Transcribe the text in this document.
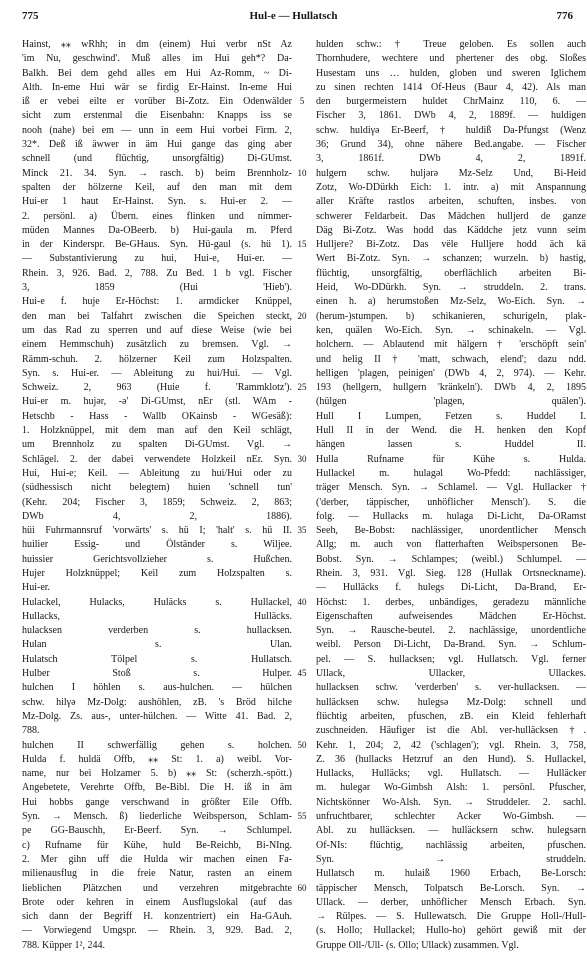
775	Hul-e — Hullatsch	776
Hainst, ⁎⁎ wRhh; in dm (einem) Hui verbr nSt Az
'im Nu, geschwind'. Muß alles im Hui geh*? Da-
Balkh. Bei dem gehd alles em Hui Az-Romm, ~ Di-
Alth. In-eme Hui wär se firdig Er-Hainst. In-eme Hui
iß er vebei eilte er vorüber Bi-Zotz. Ein Odenwälder
sicht zum erstenmal die Eisenbahn: Knapps iss se
nooh (nahe) bei em — unn in eem Hui vorbei Firm. 2,
32*. Deß iß äwwer in äm Hui gange das ging aber
schnell (und flüchtig, unsorgfältig) Di-GUmst.
Minck 21. 34. Syn. → rasch. b) beim Brennholz-
spalten der hölzerne Keil, auf den man mit dem
Hui-er 1 haut Er-Hainst. Syn. s. Hui-er 2. —
2. persönl. a) Übern. eines flinken und nimmer-
müden Mannes Da-OBeerb. b) Hui-gaula m. Pferd
in der Kinderspr. Be-GHaus. Syn. Hü-gaul (s. hü 1).
— Substantivierung zu hui, Hui-e, Hui-er. —
Rhein. 3, 926. Bad. 2, 788. Zu Bed. 1 b vgl. Fischer
3, 1859 (Hui 'Hieb').
Hui-e f. huje Er-Höchst: 1. armdicker Knüppel,
den man bei Talfahrt zwischen die Speichen steckt,
um das Rad zu sperren und auf diese Weise (wie bei
einem Hemmschuh) zusätzlich zu bremsen. Vgl. →
Rämm-schuh. 2. hölzerner Keil zum Holzspalten.
Syn. s. Hui-er. — Ableitung zu hui/Hui. — Vgl.
Schweiz. 2, 963 (Huie f. 'Rammklotz').
Hui-er m. hujər, -ə' Di-GUmst, nEr (stl. WAm -
Hetschb - Hass - Wallb OKainsb - WGesäß):
1. Holzknüppel, mit dem man auf den Keil schlägt,
um Brennholz zu spalten Di-GUmst. Vgl. →
Schlägel. 2. der dabei verwendete Holzkeil nEr. Syn.
Hui, Hui-e; Keil. — Ableitung zu hui/Hui oder zu
(südhessisch nicht belegtem) huien 'schnell tun'
(Kehr. 204; Fischer 3, 1859; Schweiz. 2, 863;
DWb 4, 2, 1886).
hüi Fuhrmannsruf 'vorwärts' s. hü I; 'halt' s. hü II.
huilier Essig- und Ölständer s. Wiljee.
huissier Gerichtsvollzieher s. Hußchen.
Hujer Holzknüppel; Keil zum Holzspalten s.
Hui-er.
Hulackel, Hulacks, Huläcks s. Hullackel,
Hullacks, Hulläcks.
hulacksen verderben s. hullacksen.
Hulan s. Ulan.
Hulatsch Tölpel s. Hullatsch.
Hulber Stoß s. Hulper.
hulchen I höhlen s. aus-hulchen. — hülchen
schw. hilγə Mz-Dolg: aushöhlen, zB. 's Bröd hilche
Mz-Dolg. Zs. aus-, unter-hülchen. — Witte 41. Bad. 2,
788.
hulchen II schwerfällig gehen s. holchen.
Hulda f. huldä Offb, ⁎⁎ St: 1. a) weibl. Vor-
name, nur bei Holzamer 5. b) ⁎⁎ St: (scherzh.-spött.)
Angebetete, Verehrte Offb, Be-Bibl. Die H. iß in äm
Hui hobbs gange verschwand in größter Eile Offb.
Syn. → Mensch. ß) liederliche Weibsperson, Schlam-
pe GG-Bauschh, Er-Beerf. Syn. → Schlumpel.
c) Rufname für Kühe, huld Be-Reichb, Bi-NIng.
2. Mer gihn uff die Hulda wir machen einen Fa-
milienausflug in die freie Natur, rasten an einem
lieblichen Plätzchen und verzehren mitgebrachte
Brote oder kehren in einem Ausflugslokal (auf das
sich dann der Begriff H. konzentriert) ein Ha-GAuh.
— Vorwiegend Umgspr. — Rhein. 3, 929. Bad. 2,
788. Küpper 1², 244.
5
10
15
20
25
30
35
40
45
50
55
60
hulden schw.: † Treue geloben. Es sollen auch
Thornhudere, wechtere und phertener des obg. Sloßes
Husestam uns … hulden, globen und sweren Iglichem
zu sinen rechten 1414 Of-Heus (Baur 4, 42). Als man
den burgermeistern huldet ChrMainz 110, 6. —
Fischer 3, 1861. DWb 4, 2, 1889f. — huldigen
schw. huldiγə Er-Beerf, † huldiß Da-Pfungst (Wenz
36; Grund 34), ohne nähere Bed.angabe. — Fischer
3, 1861f. DWb 4, 2, 1891f.
hulgern schw. huljərə Mz-Selz Und, Bi-Heid
Zotz, Wo-DDürkh Eich: 1. intr. a) mit Anspannung
aller Kräfte rastlos arbeiten, schuften, insbes. von
schwerer Feldarbeit. Das Mädchen hulljerd de ganze
Däg Bi-Zotz. Was hodd das Käddche jetz vunn seim
Hulljere? Bi-Zotz. Das vële Hulljere hodd äch kä
Wert Bi-Zotz. Syn. → schanzen; wurzeln. b) hastig,
flüchtig, unsorgfältig, oberflächlich arbeiten Bi-
Heid, Wo-DDürkh. Syn. → struddeln. 2. trans.
einen h. a) herumstoßen Mz-Selz, Wo-Eich. Syn. →
(herum-)stumpen. b) schikanieren, schurigeln, plak-
ken, quälen Wo-Eich. Syn. → schinakeln. — Vgl.
holchern. — Ablautend mit hälgern † 'erschöpft sein'
und helig II † 'matt, schwach, elend'; dazu ndd.
helligen 'plagen, peinigen' (DWb 4, 2, 974). — Kehr.
193 (hellgern, hullgern 'kränkeln'). DWb 4, 2, 1895
(hülgen 'plagen, quälen').
Hull I Lumpen, Fetzen s. Huddel I.
Hull II in der Wend. die H. henken den Kopf
hängen lassen s. Huddel II.
Hulla Rufname für Kühe s. Hulda.
Hullackel m. hulagəl Wo-Pfedd: nachlässiger,
träger Mensch. Syn. → Schlamel. — Vgl. Hullacker †
('derber, täppischer, unhöflicher Mensch'). S. die
folg. — Hullacks m. hulaga Di-Licht, Da-ORamst
Seeh, Be-Bobst: nachlässiger, unordentlicher Mensch
Allg; m. auch von flatterhaften Weibspersonen Be-
Bobst. Syn. → Schlampes; (weibl.) Schlumpel. —
Rhein. 3, 931. Vgl. Sieg. 128 (Hullak Ortsneckname).
— Hulläcks f. hulegs Di-Licht, Da-Brand, Er-
Höchst: 1. derbes, unbändiges, geradezu männliche
Eigenschaften aufweisendes Mädchen Er-Höchst.
Syn. → Rausche-beutel. 2. nachlässige, unordentliche
weibl. Person Di-Licht, Da-Brand. Syn. → Schlum-
pel. — S. hullacksen; vgl. Hullatsch. Vgl. ferner
Ullack, Ullacker, Ullackes.
hullacksen schw. 'verderben' s. ver-hullacksen. —
hulläcksen schw. hulegsə Mz-Dolg: schnell und
flüchtig arbeiten, pfuschen, zB. ein Kleid fehlerhaft
zuschneiden. Häufiger ist die Abl. ver-hulläcksen †.
Kehr. 1, 204; 2, 42 ('schlagen'); vgl. Rhein. 3, 758,
Z. 36 (hullacks Hetzruf an den Hund). S. Hullackel,
Hullacks, Hulläcks; vgl. Hullatsch. — Hulläcker
m. hulegər Wo-Gimbsh Alsh: 1. persönl. Pfuscher,
Nichtskönner Wo-Alsh. Syn. → Struddeler. 2. sachl.
unfruchtbarer, schlechter Acker Wo-Gimbsh. —
Abl. zu hulläcksen. — hulläcksern schw. hulegsərn
Of-NIs: flüchtig, nachlässig arbeiten, pfuschen.
Syn. → struddeln.
Hullatsch m. hulaiß 1960 Erbach, Be-Lorsch:
täppischer Mensch, Tolpatsch Be-Lorsch. Syn. →
Ullack. — derber, unhöflicher Mensch Erbach. Syn.
→ Rülpes. — S. Hullewatsch. Die Gruppe Holl-/Hull-
(s. Hollo; Hullackel; Hullo-ho) gehört gewiß mit der
Gruppe Oll-/Ull- (s. Ollo; Ullack) zusammen. Vgl.
